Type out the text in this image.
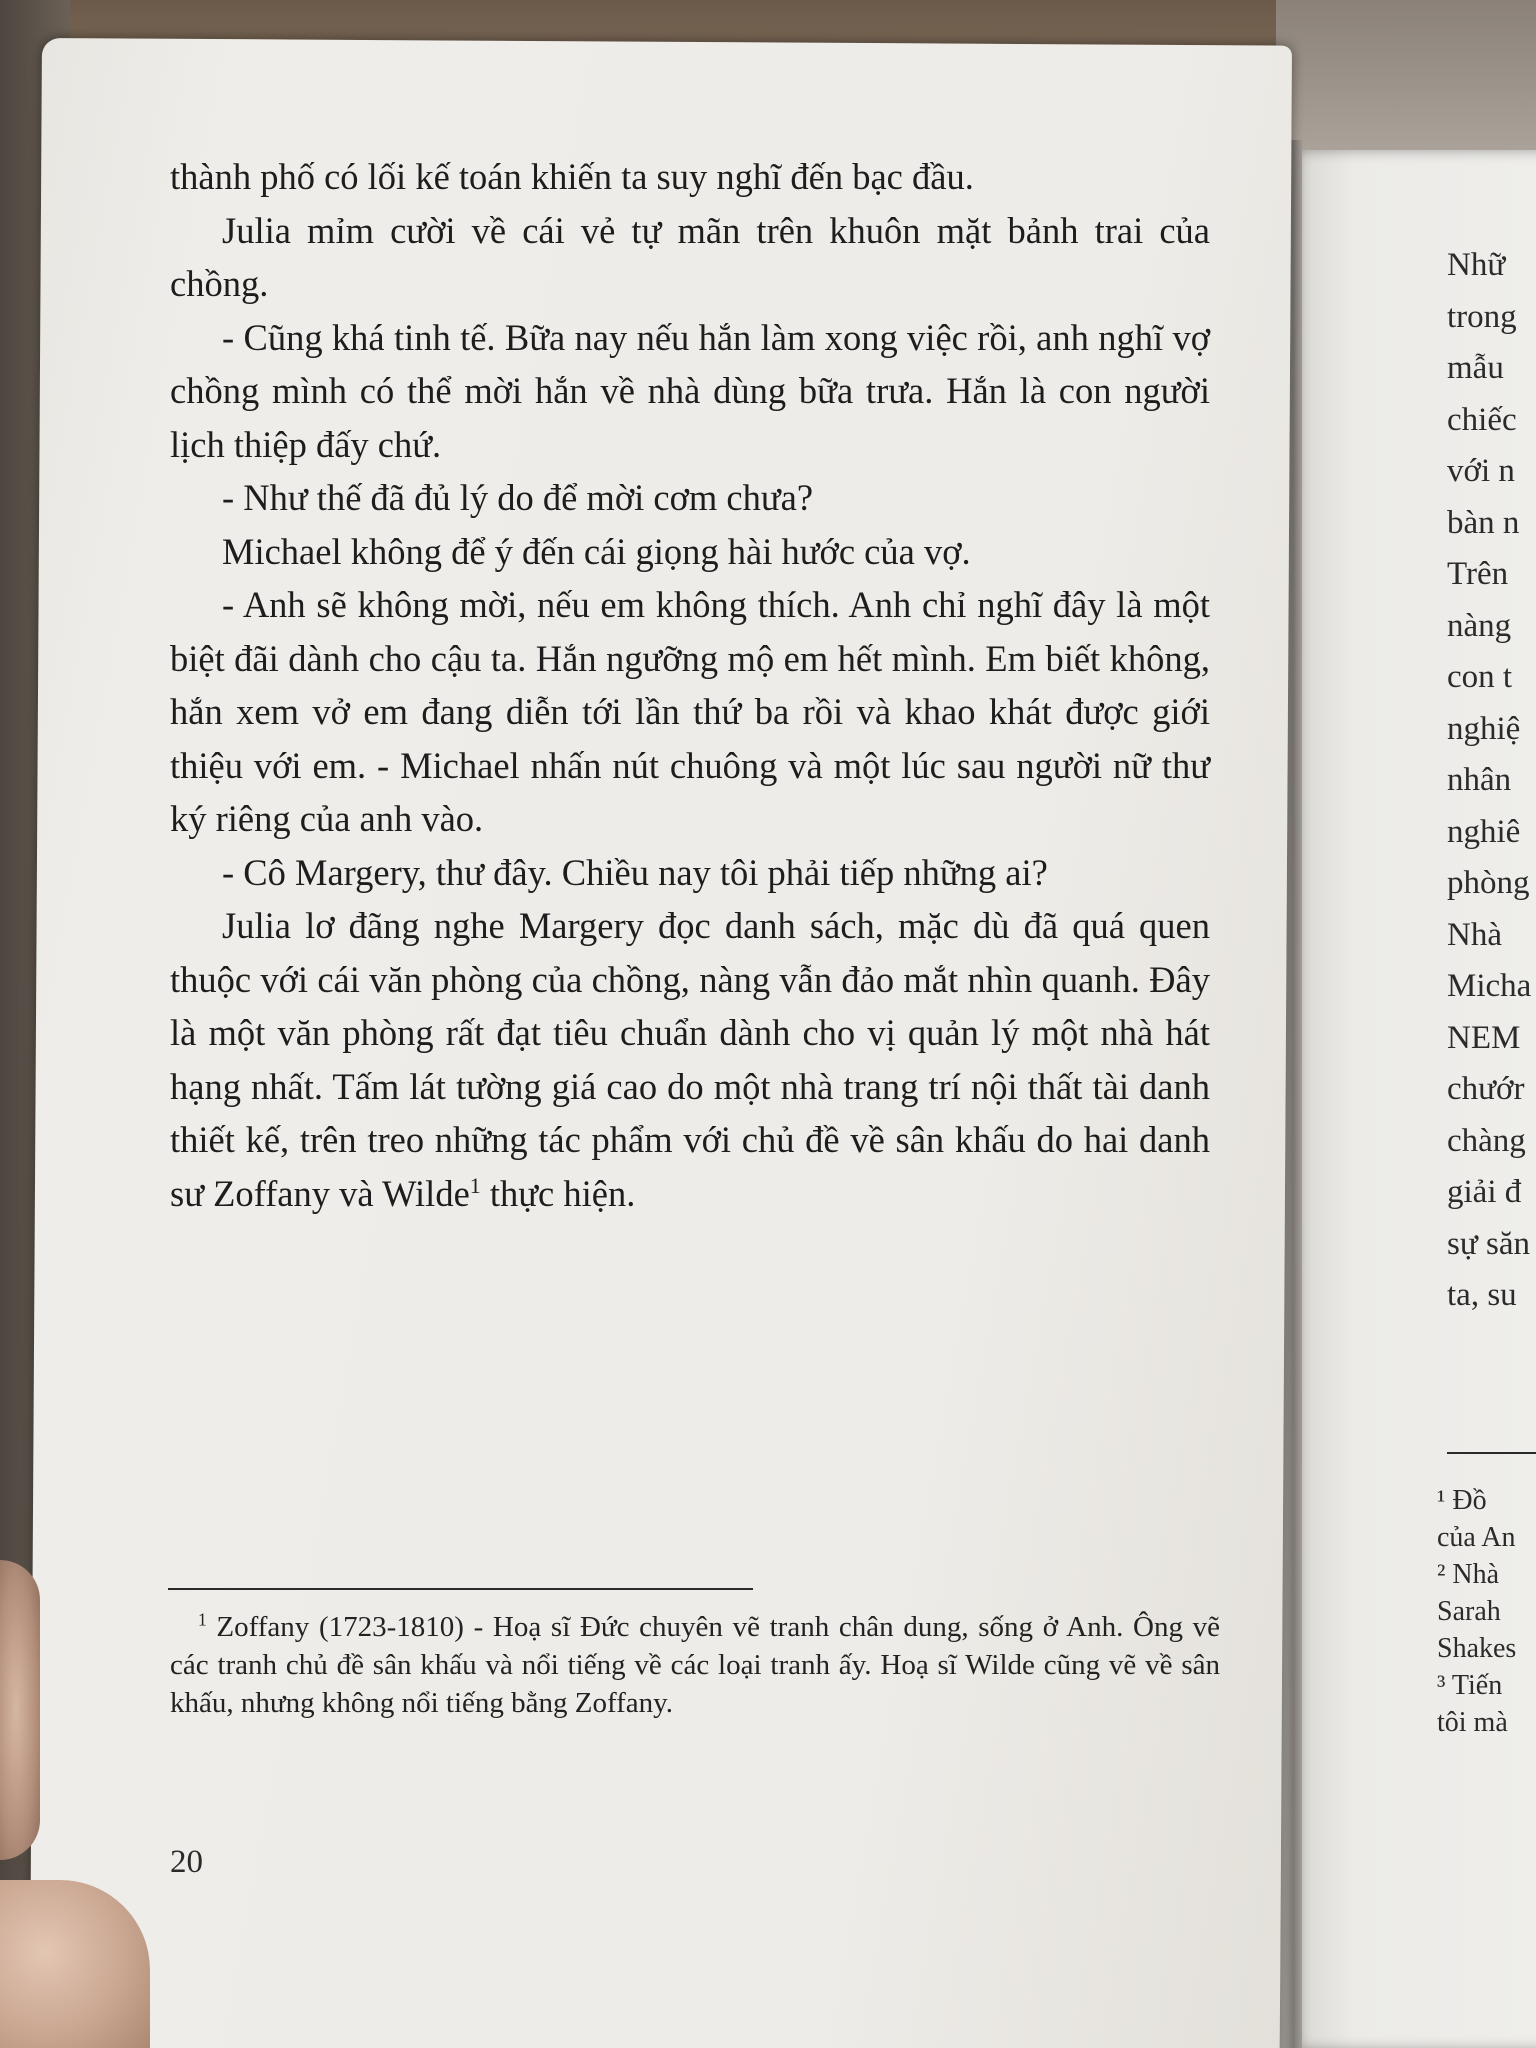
thành phố có lối kế toán khiến ta suy nghĩ đến bạc đầu.

Julia mỉm cười về cái vẻ tự mãn trên khuôn mặt bảnh trai của chồng.

- Cũng khá tinh tế. Bữa nay nếu hắn làm xong việc rồi, anh nghĩ vợ chồng mình có thể mời hắn về nhà dùng bữa trưa. Hắn là con người lịch thiệp đấy chứ.

- Như thế đã đủ lý do để mời cơm chưa?

Michael không để ý đến cái giọng hài hước của vợ.

- Anh sẽ không mời, nếu em không thích. Anh chỉ nghĩ đây là một biệt đãi dành cho cậu ta. Hắn ngưỡng mộ em hết mình. Em biết không, hắn xem vở em đang diễn tới lần thứ ba rồi và khao khát được giới thiệu với em. - Michael nhấn nút chuông và một lúc sau người nữ thư ký riêng của anh vào.

- Cô Margery, thư đây. Chiều nay tôi phải tiếp những ai?

Julia lơ đãng nghe Margery đọc danh sách, mặc dù đã quá quen thuộc với cái văn phòng của chồng, nàng vẫn đảo mắt nhìn quanh. Đây là một văn phòng rất đạt tiêu chuẩn dành cho vị quản lý một nhà hát hạng nhất. Tấm lát tường giá cao do một nhà trang trí nội thất tài danh thiết kế, trên treo những tác phẩm với chủ đề về sân khấu do hai danh sư Zoffany và Wilde$^1$ thực hiện.

$^1$ Zoffany (1723-1810) - Hoạ sĩ Đức chuyên vẽ tranh chân dung, sống ở Anh. Ông vẽ các tranh chủ đề sân khấu và nổi tiếng về các loại tranh ấy. Hoạ sĩ Wilde cũng vẽ về sân khấu, nhưng không nổi tiếng bằng Zoffany.

20
Nhữ
trong
mẫu
chiếc
với n
bàn n
Trên
nàng
con t
nghiệ
nhân
nghiê
phòng
Nhà
Micha
NEM
chướr
chàng
giải đ
sự săn
ta, su
¹ Đồ
của An
² Nhà
Sarah
Shakes
³ Tiến
tôi mà
